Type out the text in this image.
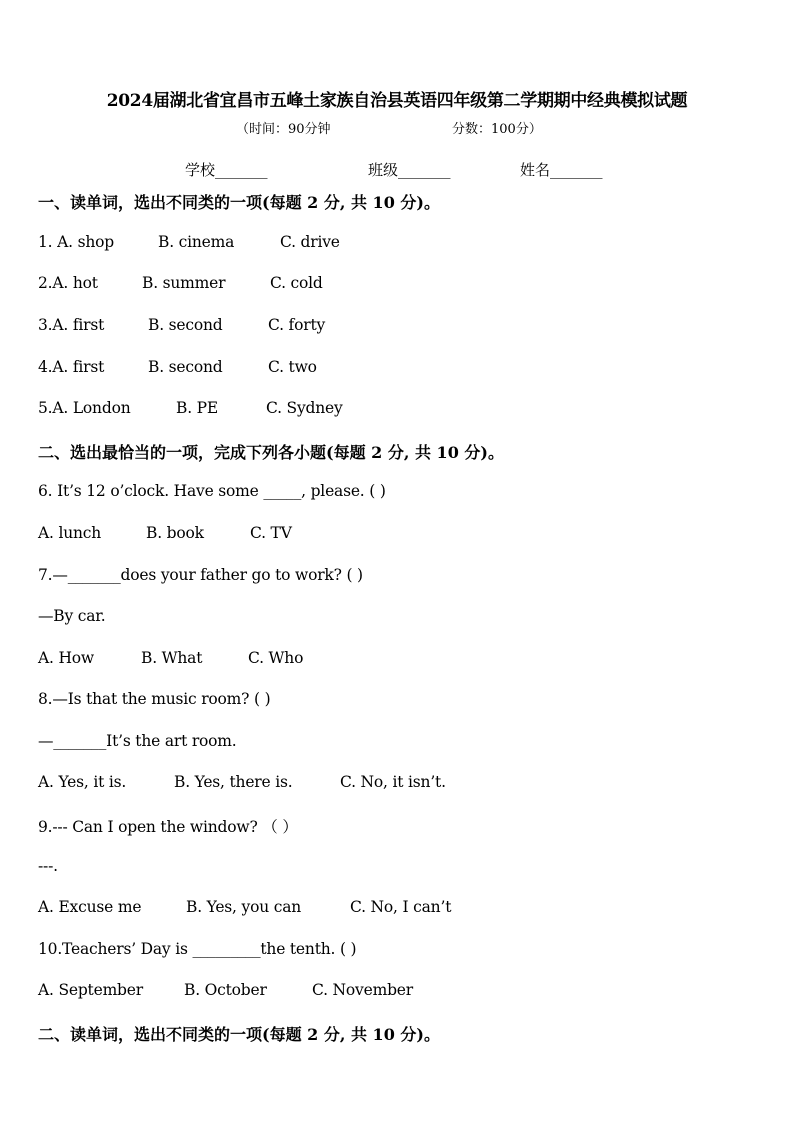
2024届湖北省宜昌市五峰土家族自治县英语四年级第二学期期中经典模拟试题
（时间：90分钟	分数：100分）
学校_______	班级_______	姓名_______
一、读单词，选出不同类的一项(每题 2 分, 共 10 分)。
1. A. shop	B. cinema	C. drive
2.A. hot	B. summer	C. cold
3.A. first	B. second	C. forty
4.A. first	B. second	C. two
5.A. London	B. PE	C. Sydney
二、选出最恰当的一项，完成下列各小题(每题 2 分, 共 10 分)。
6. It’s 12 o’clock. Have some _____, please. ( )
A. lunch	B. book	C. TV
7.—_______does your father go to work? ( )
—By car.
A. How	B. What	C. Who
8.—Is that the music room? ( )
—_______It’s the art room.
A. Yes, it is.	B. Yes, there is.	C. No, it isn’t.
9.--- Can I open the window? （ ）
---.
A. Excuse me	B. Yes, you can	C. No, I can’t
10.Teachers’ Day is _________the tenth. ( )
A. September	B. October	C. November
二、读单词，选出不同类的一项(每题 2 分, 共 10 分)。
